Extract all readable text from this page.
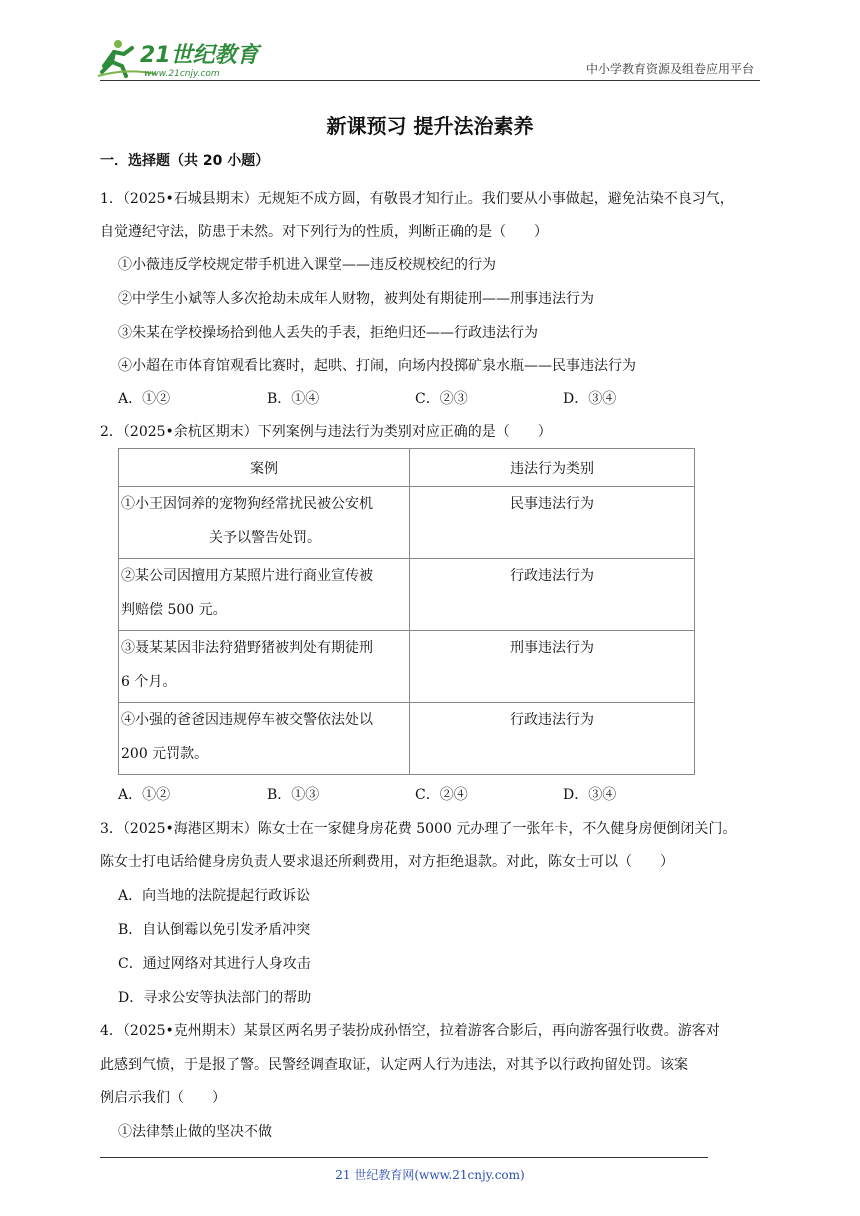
21世纪教育
www.21cnjy.com	中小学教育资源及组卷应用平台
新课预习 提升法治素养
一．选择题（共 20 小题）
1．（2025•石城县期末）无规矩不成方圆，有敬畏才知行止。我们要从小事做起，避免沾染不良习气，
自觉遵纪守法，防患于未然。对下列行为的性质，判断正确的是（　　）
①小薇违反学校规定带手机进入课堂——违反校规校纪的行为
②中学生小斌等人多次抢劫未成年人财物，被判处有期徒刑——刑事违法行为
③朱某在学校操场拾到他人丢失的手表，拒绝归还——行政违法行为
④小超在市体育馆观看比赛时，起哄、打闹，向场内投掷矿泉水瓶——民事违法行为
A．①②	B．①④	C．②③	D．③④
2．（2025•余杭区期末）下列案例与违法行为类别对应正确的是（　　）
案例	违法行为类别
①小王因饲养的宠物狗经常扰民被公安机

关予以警告处罚。	民事违法行为
②某公司因擅用方某照片进行商业宣传被
判赔偿 500 元。	行政违法行为
③聂某某因非法狩猎野猪被判处有期徒刑
6 个月。	刑事违法行为
④小强的爸爸因违规停车被交警依法处以
200 元罚款。	行政违法行为
A．①②	B．①③	C．②④	D．③④
3．（2025•海港区期末）陈女士在一家健身房花费 5000 元办理了一张年卡，不久健身房便倒闭关门。
陈女士打电话给健身房负责人要求退还所剩费用，对方拒绝退款。对此，陈女士可以（　　）
A．向当地的法院提起行政诉讼
B．自认倒霉以免引发矛盾冲突
C．通过网络对其进行人身攻击
D．寻求公安等执法部门的帮助
4．（2025•克州期末）某景区两名男子装扮成孙悟空，拉着游客合影后，再向游客强行收费。游客对
此感到气愤，于是报了警。民警经调查取证，认定两人行为违法，对其予以行政拘留处罚。该案
例启示我们（　　）
①法律禁止做的坚决不做
21 世纪教育网(www.21cnjy.com)
